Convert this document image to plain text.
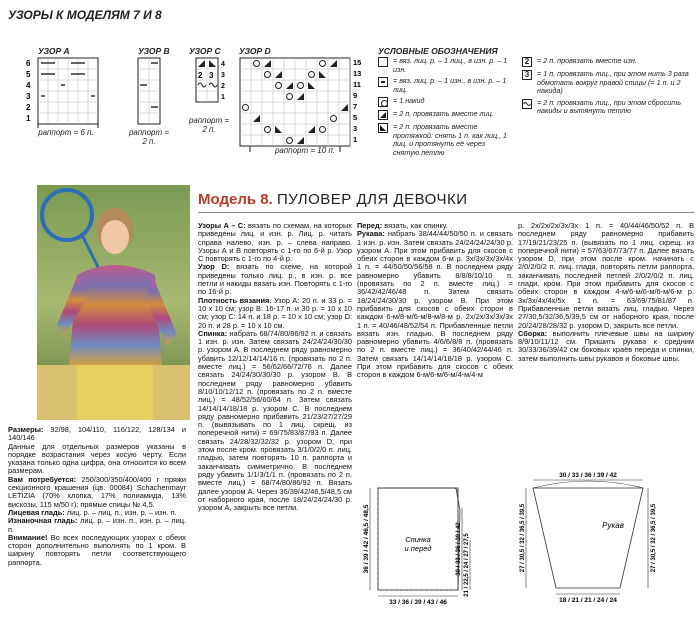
УЗОРЫ К МОДЕЛЯМ 7 И 8
УЗОР А
6
5
4
3
2
1
раппорт = 6 п.
УЗОР В
раппорт = 2 п.
УЗОР С
4
3
2
1
2 3
раппорт = 2 п.
УЗОР D
15
13
11
9
7
5
3
1
раппорт = 10 п.
УСЛОВНЫЕ ОБОЗНАЧЕНИЯ
= вяз. лиц. р. – 1 лиц., в изн. р. – 1 изн.
= вяз. лиц. р. – 1 изн., в изн. р. – 1 лиц.
= 1 накид
= 2 п. провязать вместе лиц.
= 2 п. провязать вместе протяжкой: снять 1 п. как лиц., 1 лиц. и протянуть её через снятую петлю
2	= 2 п. провязать вместе изн.
3	= 1 п. провязать лиц., при этом нить 3 раза обмотать вокруг правой спицы (= 1 п. и 2 накида)
= 2 п. провязать лиц., при этом сбросить накиды и вытянуть петлю
Модель 8. ПУЛОВЕР ДЛЯ ДЕВОЧКИ
Размеры: 92/98, 104/110, 116/122, 128/134 и 140/146
Данные для отдельных размеров указаны в порядке возрастания через косую черту. Если указана только одна цифра, она относится ко всем размерам.
Вам потребуется: 250/300/350/400/400 г пряжи секционного крашения (цв. 00084) Schachenmayr LETIZIA (70% хлопка, 17% полиамида, 13% вискозы, 115 м/50 г); прямые спицы № 4,5.
Лицевая гладь: лиц. р. – лиц. п., изн. р. – изн. п.
Изнаночная гладь: лиц. р. – изн. п., изн. р. – лиц. п.
Внимание! Во всех последующих узорах с обеих сторон дополнительно выполнять по 1 кром. В ширину повторять петли соответствующего раппорта.
Узоры А – С: вязать по схемам, на которых приведены лиц. и изн. р. Лиц. р. читать справа налево, изн. р. – слева направо. Узоры А и В повторять с 1-го по 6-й р. Узор С повторять с 1-го по 4-й р.
Узор D: вязать по схеме, на которой приведены только лиц. р., в изн. р. все петли и накиды вязать изн. Повторять с 1-го по 16-й р.
Плотность вязания. Узор А: 20 п. и 33 р. = 10 х 10 см; узор В: 16-17 п. и 30 р. = 10 х 10 см; узор С: 14 п. и 18 р. = 10 х 10 см; узор D: 20 п. и 28 р. = 10 х 10 см.
Спинка: набрать 68/74/80/86/92 п. и связать 1 изн. р. изн. Затем связать 24/24/24/30/30 р. узором А. В последнем ряду равномерно убавить 12/12/14/14/16 п. (провязать по 2 п. вместе лиц.) = 56/62/66/72/76 п. Далее связать 24/24/30/30/30 р. узором В. В последнем ряду равномерно убавить 8/10/10/12/12 п. (провязать по 2 п. вместе лиц.) = 48/52/56/60/64 п. Затем связать 14/14/14/18/18 р. узором С. В последнем ряду равномерно прибавить 21/23/27/27/29 п. (вывязывать по 1 лиц. скрещ. из поперечной нити) = 69/75/83/87/93 п. Далее связать 24/28/32/32/32 р. узором D, при этом после кром. провязать 3/1/0/2/0 п. лиц. гладью, затем повторять 10 п. раппорта и заканчивать симметрично. В последнем ряду убавить 1/1/3/1/1 п. (провязать по 2 п. вместе лиц.) = 68/74/80/86/92 п. Вязать далее узором А. Через 36/39/42/46,5/48,5 см от наборного края, после 18/24/24/24/30 р. узором А, закрыть все петли.
Перед: вязать, как спинку.
Рукава: набрать 38/44/44/50/50 п. и связать 1 изн. р. изн. Затем связать 24/24/24/24/30 р. узором А. При этом прибавить для скосов с обеих сторон в каждом 6-м р. 3х/3х/3х/3х/4х 1 п. = 44/50/50/56/58 п. В последнем ряду равномерно убавить 8/8/8/10/10 п. (провязать по 2 п. вместе лиц.) = 36/42/42/46/48 п. Затем связать 18/24/24/30/30 р. узором В. При этом прибавить для скосов с обеих сторон в каждом 6-м/8-м/6-м/8-м/8-м р. 2х/2х/3х/3х/3х 1 п. = 40/46/48/52/54 п. Прибавленные петли вязать изн. гладью. В последнем ряду равномерно убавить 4/6/6/8/8 п. (провязать по 2 п. вместе лиц.) = 36/40/42/44/46 п. Затем связать 14/14/14/18/18 р. узором С. При этом прибавить для скосов с обеих сторон в каждом 6-м/6-м/6-м/4-м/4-м
р. 2х/2х/2х/3х/3х 1 п. = 40/44/46/50/52 п. В последнем ряду равномерно прибавить 17/19/21/23/25 п. (вывязать по 1 лиц. скрещ. из поперечной нити) = 57/63/67/73/77 п. Далее вязать узором D, при этом после кром. начинать с 2/0/2/0/2 п. лиц. глади, повторять петли раппорта, заканчивать последней петлей 2/0/2/0/2 п. лиц. глади, кром. При этом прибавить для скосов с обеих сторон в каждом 4-м/6-м/6-м/6-м/6-м р. 3х/3х/4х/4х/5х 1 п. = 63/69/75/81/87 п. Прибавленные петли вязать лиц. гладью. Через 27/30,5/32/36,5/39,5 см от наборного края, после 20/24/28/28/32 р. узором D, закрыть все петли.
Сборка: выполнить плечевые швы на ширину 8/9/10/11/12 см. Пришить рукава к средним 30/33/36/39/42 см боковых краёв переда и спинки, затем выполнить швы рукавов и боковые швы.
Спинка
и перед
36 / 39 / 42 / 46,5 / 48,5	30 / 33 / 36 / 39 / 42 21 / 22,5 / 24 / 27 / 27,5
33 / 36 / 39 / 43 / 46
30 / 33 / 36 / 39 / 42
Рукав	27 / 30,5 / 32 / 36,5 / 39,5
27 / 30,5 / 32 / 36,5 / 39,5
18 / 21 / 21 / 24 / 24
